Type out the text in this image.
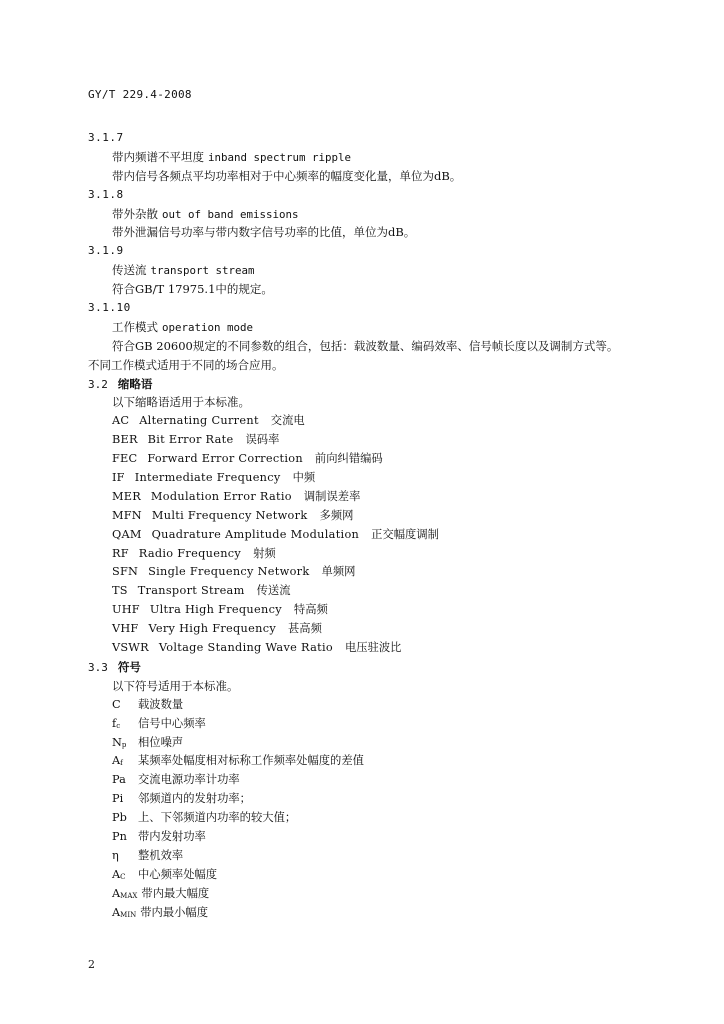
GY/T 229.4-2008
3.1.7
带内频谱不平坦度 inband spectrum ripple
带内信号各频点平均功率相对于中心频率的幅度变化量，单位为dB。
3.1.8
带外杂散 out of band emissions
带外泄漏信号功率与带内数字信号功率的比值，单位为dB。
3.1.9
传送流 transport stream
符合GB/T 17975.1中的规定。
3.1.10
工作模式 operation mode
符合GB 20600规定的不同参数的组合，包括：载波数量、编码效率、信号帧长度以及调制方式等。
不同工作模式适用于不同的场合应用。
3.2 缩略语
以下缩略语适用于本标准。
AC Alternating Current 交流电
BER Bit Error Rate 误码率
FEC Forward Error Correction 前向纠错编码
IF Intermediate Frequency 中频
MER Modulation Error Ratio 调制误差率
MFN Multi Frequency Network 多频网
QAM Quadrature Amplitude Modulation 正交幅度调制
RF Radio Frequency 射频
SFN Single Frequency Network 单频网
TS Transport Stream 传送流
UHF Ultra High Frequency 特高频
VHF Very High Frequency 甚高频
VSWR Voltage Standing Wave Ratio 电压驻波比
3.3 符号
以下符号适用于本标准。
C	载波数量
fc	信号中心频率
Np	相位噪声
Af	某频率处幅度相对标称工作频率处幅度的差值
Pa	交流电源功率计功率
Pi	邻频道内的发射功率；
Pb 上、下邻频道内功率的较大值；
Pn 带内发射功率
η	整机效率
AC	中心频率处幅度
AMAX 带内最大幅度
AMIN 带内最小幅度
2
